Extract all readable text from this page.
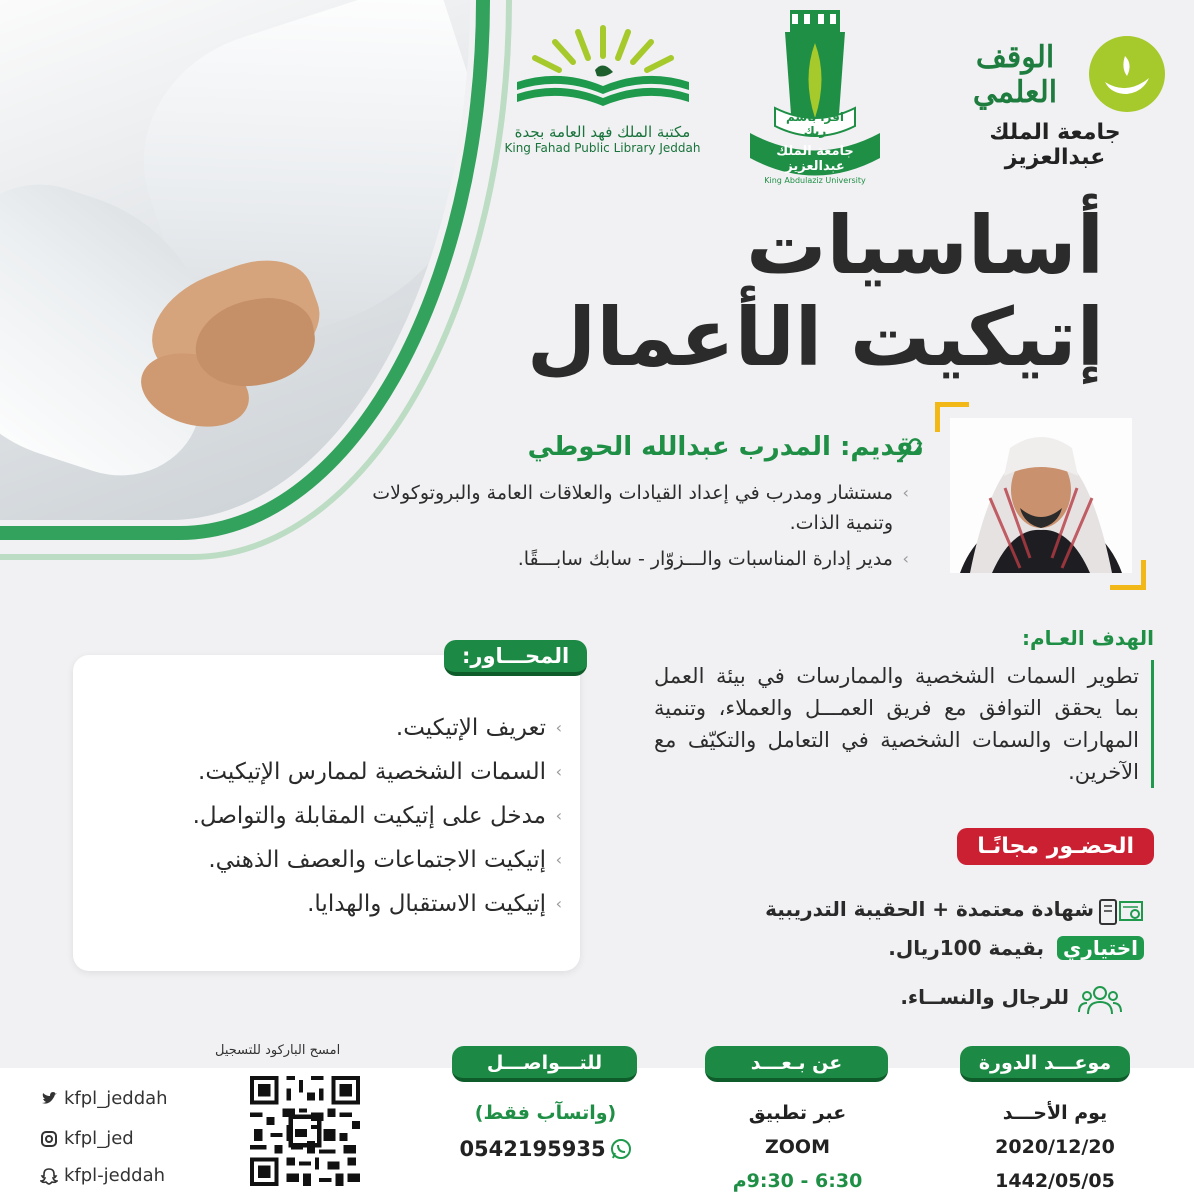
مكتبة الملك فهد العامة بجدة
King Fahad Public Library Jeddah
اقرأ باسم ربك
جامعة الملك عبدالعزيز
King Abdulaziz University
الوقف العلمي
جامعة الملك عبدالعزيز
أساسيات
إتيكيت الأعمال
تقديم: المدرب عبدالله الحوطي
› مستشار ومدرب في إعداد القيادات والعلاقات العامة والبروتوكولات وتنمية الذات.
› مدير إدارة المناسبات والـــزوّار - سابك سابـــقًا.
الهدف العـام:
تطوير السمات الشخصية والممارسات في بيئة العمل بما يحقق التوافق مع فريق العمـــل والعملاء، وتنمية المهارات والسمات الشخصية في التعامل والتكيّف مع الآخرين.
المحـــاور:
› تعريف الإتيكيت.
› السمات الشخصية لممارس الإتيكيت.
› مدخل على إتيكيت المقابلة والتواصل.
› إتيكيت الاجتماعات والعصف الذهني.
› إتيكيت الاستقبال والهدايا.
الحضـور مجانًـا
شهادة معتمدة + الحقيبة التدريبية
اختياري بقيمة 100ريال.
للرجال والنســاء.
موعـــد الدورة
عن بـعـــد
للتـــواصـــل
يوم الأحـــد
2020/12/20
1442/05/05
عبر تطبيق
ZOOM
6:30 - 9:30م
(واتسآب فقط)
0542195935
امسح الباركود للتسجيل
kfpl_jeddah
kfpl_jed
kfpl-jeddah
